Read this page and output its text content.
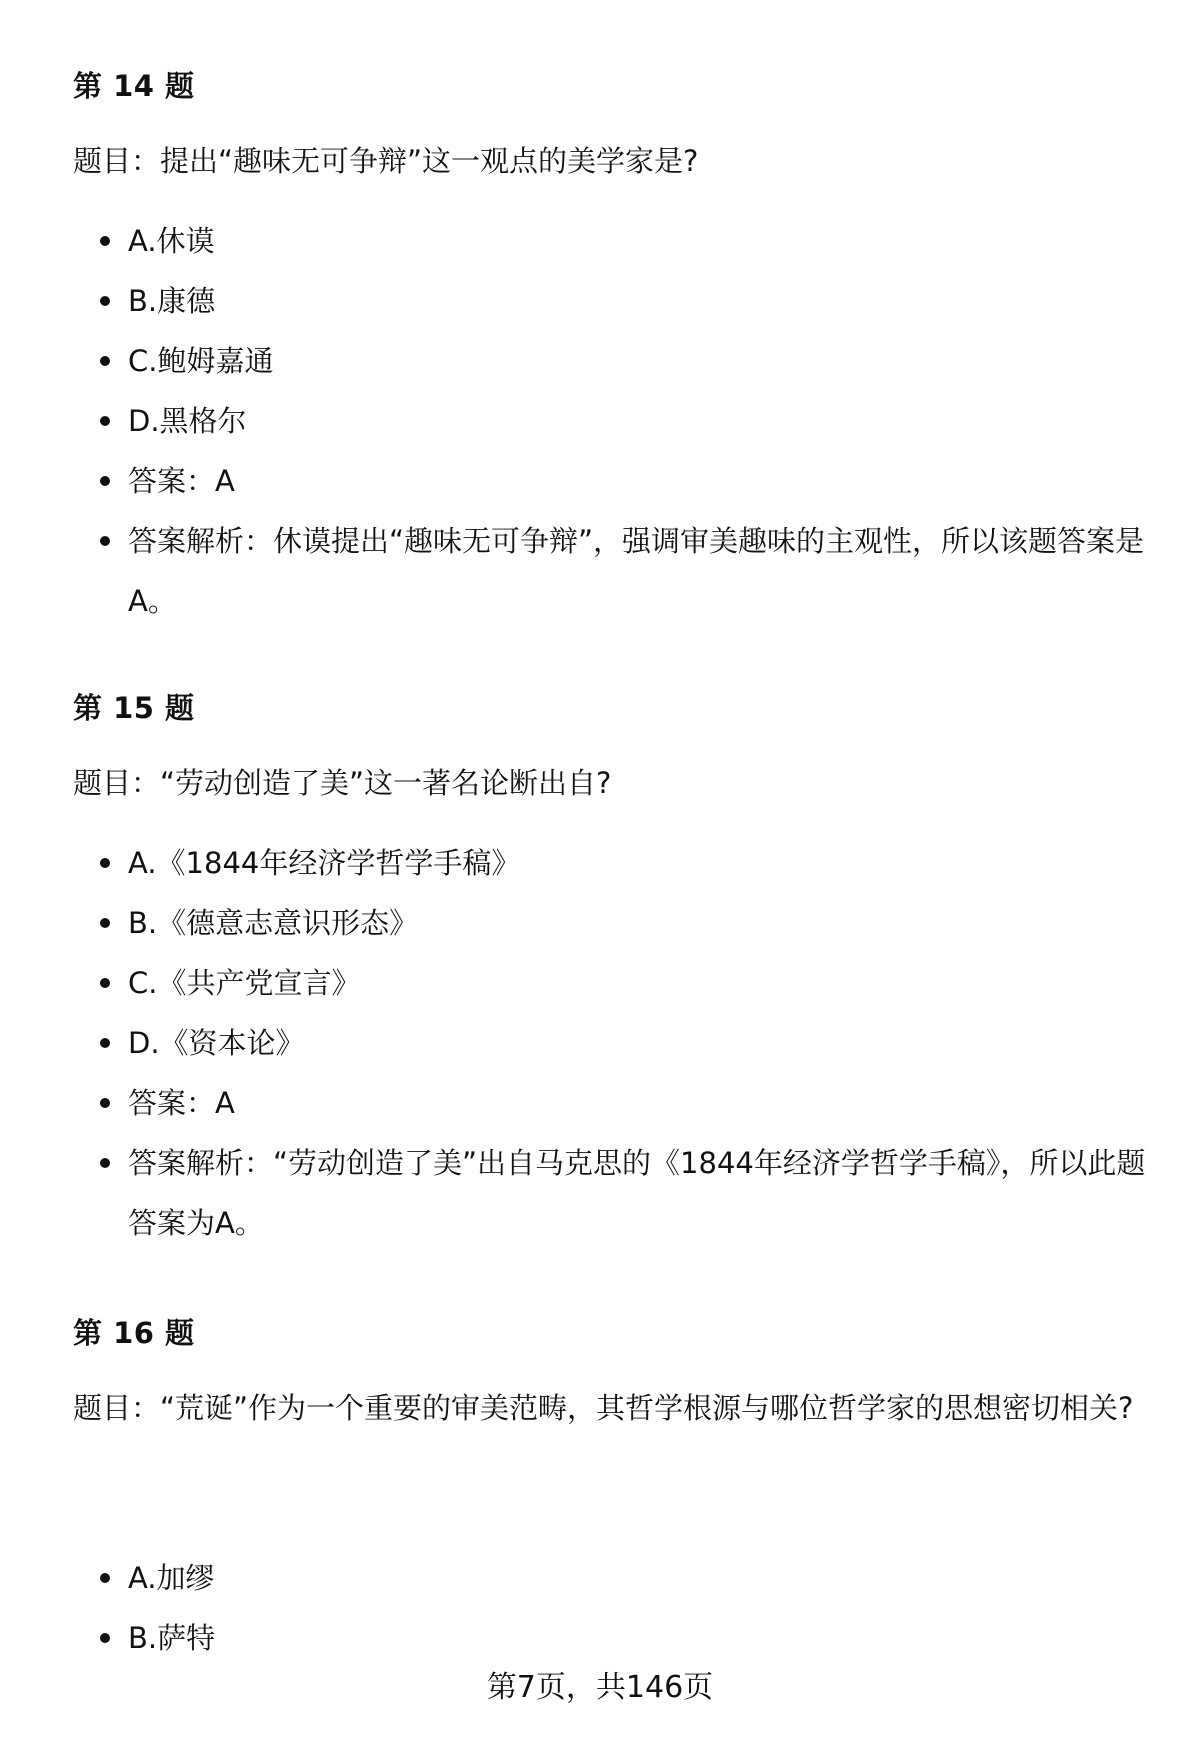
第 14 题
题目：提出“趣味无可争辩”这一观点的美学家是?
A.休谟
B.康德
C.鲍姆嘉通
D.黑格尔
答案：A
答案解析：休谟提出“趣味无可争辩”，强调审美趣味的主观性，所以该题答案是A。
第 15 题
题目：“劳动创造了美”这一著名论断出自?
A.《1844年经济学哲学手稿》
B.《德意志意识形态》
C.《共产党宣言》
D.《资本论》
答案：A
答案解析：“劳动创造了美”出自马克思的《1844年经济学哲学手稿》，所以此题答案为A。
第 16 题
题目：“荒诞”作为一个重要的审美范畴，其哲学根源与哪位哲学家的思想密切相关?
A.加缪
B.萨特
第7页，共146页
